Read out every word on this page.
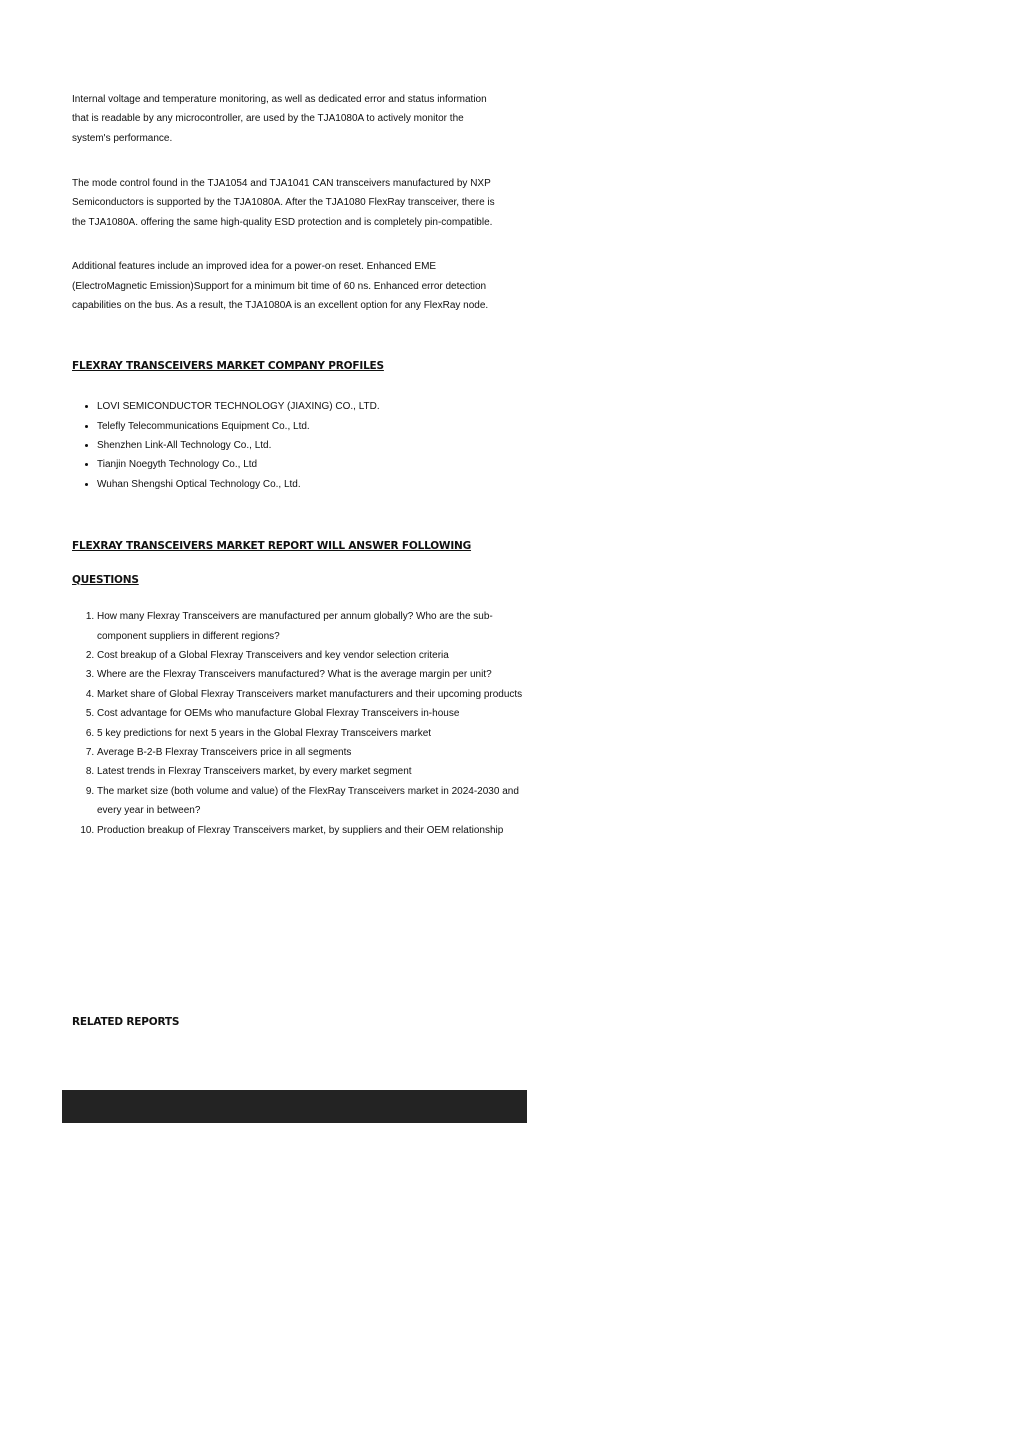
Internal voltage and temperature monitoring, as well as dedicated error and status information that is readable by any microcontroller, are used by the TJA1080A to actively monitor the system's performance.

The mode control found in the TJA1054 and TJA1041 CAN transceivers manufactured by NXP Semiconductors is supported by the TJA1080A. After the TJA1080 FlexRay transceiver, there is the TJA1080A. offering the same high-quality ESD protection and is completely pin-compatible.

Additional features include an improved idea for a power-on reset. Enhanced EME (ElectroMagnetic Emission)Support for a minimum bit time of 60 ns. Enhanced error detection capabilities on the bus. As a result, the TJA1080A is an excellent option for any FlexRay node.

FLEXRAY TRANSCEIVERS MARKET COMPANY PROFILES
• LOVI SEMICONDUCTOR TECHNOLOGY (JIAXING) CO., LTD.
• Telefly Telecommunications Equipment Co., Ltd.
• Shenzhen Link-All Technology Co., Ltd.
• Tianjin Noegyth Technology Co., Ltd
• Wuhan Shengshi Optical Technology Co., Ltd.
FLEXRAY TRANSCEIVERS MARKET REPORT WILL ANSWER FOLLOWING
QUESTIONS
1. How many Flexray Transceivers are manufactured per annum globally? Who are the sub-component suppliers in different regions?
2. Cost breakup of a Global Flexray Transceivers and key vendor selection criteria
3. Where are the Flexray Transceivers manufactured? What is the average margin per unit?
4. Market share of Global Flexray Transceivers market manufacturers and their upcoming products
5. Cost advantage for OEMs who manufacture Global Flexray Transceivers in-house
6. 5 key predictions for next 5 years in the Global Flexray Transceivers market
7. Average B-2-B Flexray Transceivers price in all segments
8. Latest trends in Flexray Transceivers market, by every market segment
9. The market size (both volume and value) of the FlexRay Transceivers market in 2024-2030 and every year in between?
10. Production breakup of Flexray Transceivers market, by suppliers and their OEM relationship
RELATED REPORTS
